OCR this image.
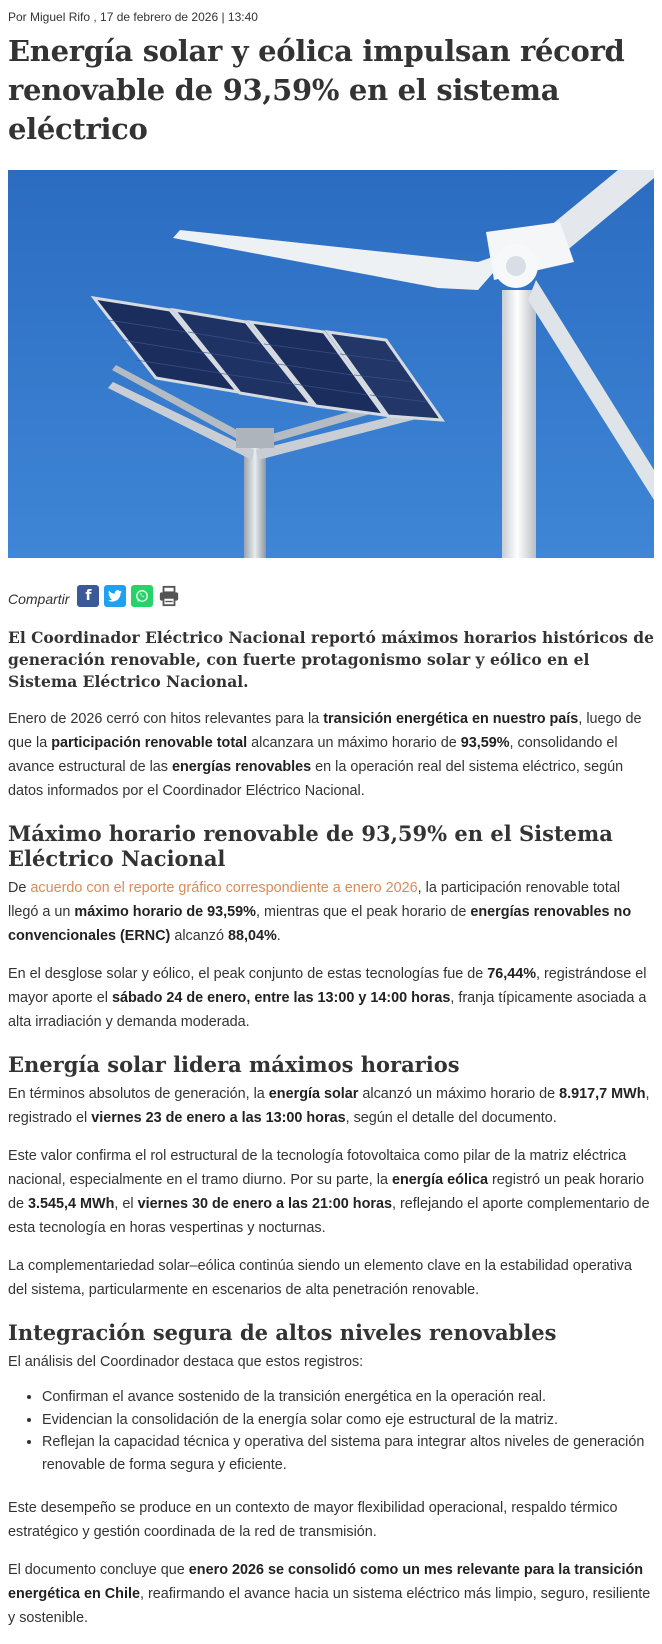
Por Miguel Rifo , 17 de febrero de 2026 | 13:40
Energía solar y eólica impulsan récord renovable de 93,59% en el sistema eléctrico
Compartir	f
El Coordinador Eléctrico Nacional reportó máximos horarios históricos de generación renovable, con fuerte protagonismo solar y eólico en el Sistema Eléctrico Nacional.

Enero de 2026 cerró con hitos relevantes para la transición energética en nuestro país, luego de que la participación renovable total alcanzara un máximo horario de 93,59%, consolidando el avance estructural de las energías renovables en la operación real del sistema eléctrico, según datos informados por el Coordinador Eléctrico Nacional.

Máximo horario renovable de 93,59% en el Sistema Eléctrico Nacional

De acuerdo con el reporte gráfico correspondiente a enero 2026, la participación renovable total llegó a un máximo horario de 93,59%, mientras que el peak horario de energías renovables no convencionales (ERNC) alcanzó 88,04%.

En el desglose solar y eólico, el peak conjunto de estas tecnologías fue de 76,44%, registrándose el mayor aporte el sábado 24 de enero, entre las 13:00 y 14:00 horas, franja típicamente asociada a alta irradiación y demanda moderada.

Energía solar lidera máximos horarios

En términos absolutos de generación, la energía solar alcanzó un máximo horario de 8.917,7 MWh, registrado el viernes 23 de enero a las 13:00 horas, según el detalle del documento.

Este valor confirma el rol estructural de la tecnología fotovoltaica como pilar de la matriz eléctrica nacional, especialmente en el tramo diurno. Por su parte, la energía eólica registró un peak horario de 3.545,4 MWh, el viernes 30 de enero a las 21:00 horas, reflejando el aporte complementario de esta tecnología en horas vespertinas y nocturnas.

La complementariedad solar–eólica continúa siendo un elemento clave en la estabilidad operativa del sistema, particularmente en escenarios de alta penetración renovable.

Integración segura de altos niveles renovables

El análisis del Coordinador destaca que estos registros:

• Confirman el avance sostenido de la transición energética en la operación real.
• Evidencian la consolidación de la energía solar como eje estructural de la matriz.
• Reflejan la capacidad técnica y operativa del sistema para integrar altos niveles de generación renovable de forma segura y eficiente.

Este desempeño se produce en un contexto de mayor flexibilidad operacional, respaldo térmico estratégico y gestión coordinada de la red de transmisión.

El documento concluye que enero 2026 se consolidó como un mes relevante para la transición energética en Chile, reafirmando el avance hacia un sistema eléctrico más limpio, seguro, resiliente y sostenible.
